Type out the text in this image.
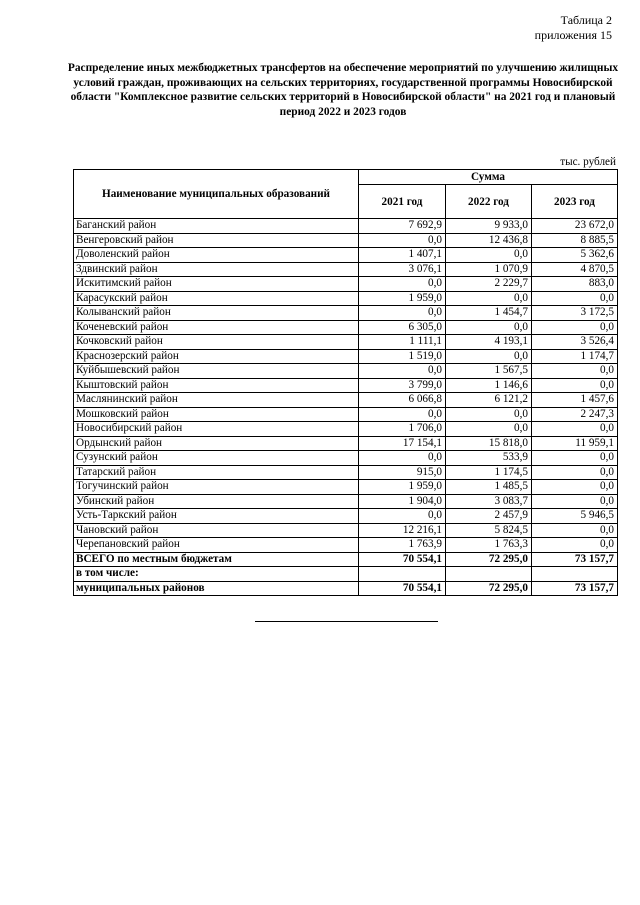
Таблица 2
приложения 15
Распределение иных межбюджетных трансфертов на обеспечение мероприятий по улучшению жилищных условий граждан, проживающих на сельских территориях, государственной программы Новосибирской области "Комплексное развитие сельских территорий в Новосибирской области" на 2021 год и плановый период 2022 и 2023 годов
тыс. рублей
Наименование муниципальных образований	Сумма		
	2021 год	2022 год	2023 год
Баганский район	7 692,9	9 933,0	23 672,0
Венгеровский район	0,0	12 436,8	8 885,5
Доволенский район	1 407,1	0,0	5 362,6
Здвинский район	3 076,1	1 070,9	4 870,5
Искитимский район	0,0	2 229,7	883,0
Карасукский район	1 959,0	0,0	0,0
Колыванский район	0,0	1 454,7	3 172,5
Коченевский район	6 305,0	0,0	0,0
Кочковский район	1 111,1	4 193,1	3 526,4
Краснозерский район	1 519,0	0,0	1 174,7
Куйбышевский район	0,0	1 567,5	0,0
Кыштовский район	3 799,0	1 146,6	0,0
Маслянинский район	6 066,8	6 121,2	1 457,6
Мошковский район	0,0	0,0	2 247,3
Новосибирский район	1 706,0	0,0	0,0
Ордынский район	17 154,1	15 818,0	11 959,1
Сузунский район	0,0	533,9	0,0
Татарский район	915,0	1 174,5	0,0
Тогучинский район	1 959,0	1 485,5	0,0
Убинский район	1 904,0	3 083,7	0,0
Усть-Таркский район	0,0	2 457,9	5 946,5
Чановский район	12 216,1	5 824,5	0,0
Черепановский район	1 763,9	1 763,3	0,0
ВСЕГО по местным бюджетам	70 554,1	72 295,0	73 157,7
в том числе:			
муниципальных районов	70 554,1	72 295,0	73 157,7
